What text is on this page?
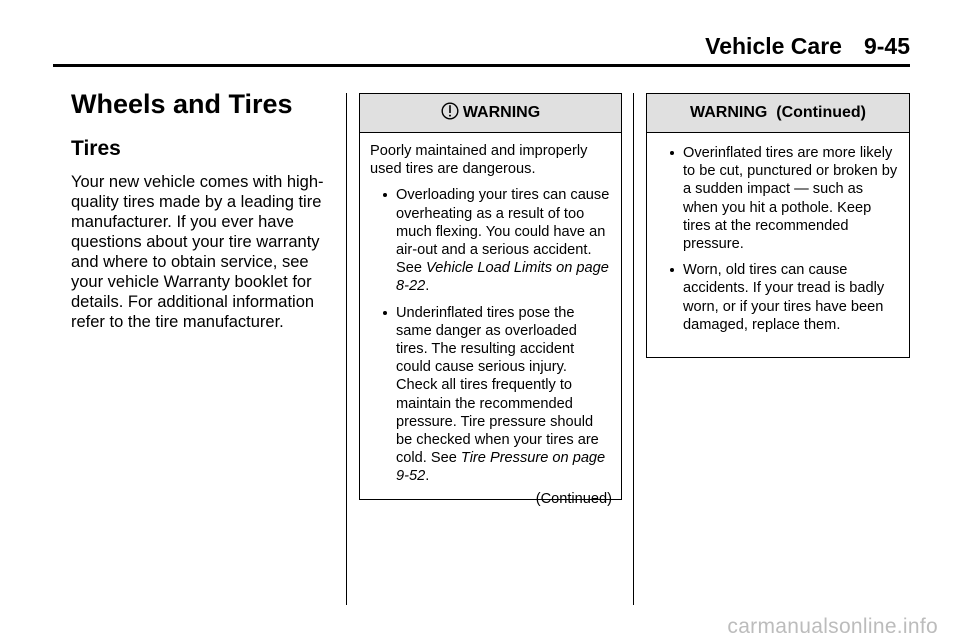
Vehicle Care 9-45
Wheels and Tires
Tires
Your new vehicle comes with high-quality tires made by a leading tire manufacturer. If you ever have questions about your tire warranty and where to obtain service, see your vehicle Warranty booklet for details. For additional information refer to the tire manufacturer.
WARNING
Poorly maintained and improperly used tires are dangerous.
Overloading your tires can cause overheating as a result of too much flexing. You could have an air-out and a serious accident. See Vehicle Load Limits on page 8-22.
Underinflated tires pose the same danger as overloaded tires. The resulting accident could cause serious injury. Check all tires frequently to maintain the recommended pressure. Tire pressure should be checked when your tires are cold. See Tire Pressure on page 9-52.
(Continued)
WARNING  (Continued)
Overinflated tires are more likely to be cut, punctured or broken by a sudden impact — such as when you hit a pothole. Keep tires at the recommended pressure.
Worn, old tires can cause accidents. If your tread is badly worn, or if your tires have been damaged, replace them.
carmanualsonline.info
